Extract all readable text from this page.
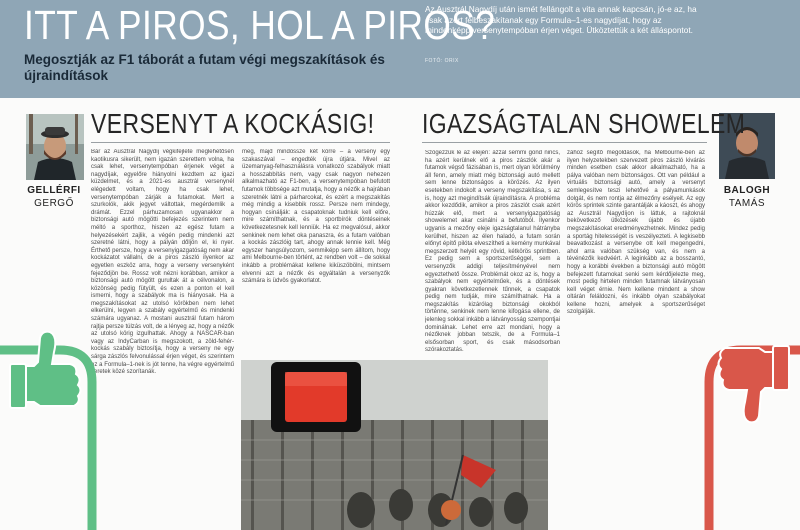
ITT A PIROS, HOL A PIROS?
Megosztják az F1 táborát a futam végi megszakítások és újraindítások
Az Ausztrál Nagydíj után ismét fellángolt a vita annak kapcsán, jó-e az, ha csak azért félbeszakítanak egy Formula–1-es nagydíjat, hogy az mindenképp versenytempóban érjen véget. Ütköztettük a két álláspontot.
FOTÓ: ORIX
GELLÉRFI
GERGŐ
BALOGH
TAMÁS
VERSENYT A KOCKÁSIG! IGAZSÁGTALAN SHOWELEM
Bár az Ausztrál Nagydíj végkifejlete meglehetősen kaotikusra sikerült, nem igazán szerettem volna, ha csak lehet, versenytempóban érjenek véget a nagydíjak, egyelőre hiányolni kezdtem az igazi küzdelmet, és a 2021-es ausztrál versenynél elégedett voltam, hogy ha csak lehet, versenytempóban zárják a futamokat. Mert a szurkolók, akik jegyet váltottak, megérdemlik a drámát. Ezzel párhuzamosan ugyanakkor a biztonsági autó mögötti befejezés szerintem nem méltó a sporthoz, hiszen az egész futam a helyezésekért zajlik, a végén pedig mindenki azt szeretné látni, hogy a pályán dőljön el, ki nyer. Érthető persze, hogy a versenyigazgatóság nem akar kockázatot vállalni, de a piros zászló ilyenkor az egyetlen eszköz arra, hogy a verseny versenyként fejeződjön be. Rossz volt nézni korábban, amikor a biztonsági autó mögött gurultak át a célvonalon, a közönség pedig fütyült, és ezen a ponton el kell ismerni, hogy a szabályok ma is hiányosak. Ha a megszakításokat az utolsó körökben nem lehet elkerülni, legyen a szabály egyértelmű és mindenki számára ugyanaz. A mostani ausztrál futam három rajtja persze túlzás volt, de a lényeg az, hogy a nézők az utolsó körig izgulhattak. Ahogy a NASCAR-ban vagy az IndyCarban is megszokott, a zöld-fehér-kockás szabály biztosítja, hogy a verseny ne egy sárga zászlós felvonulással érjen véget, és szerintem ez a Formula–1-nek is jót tenne, ha végre egyértelmű keretek közé szorítanák.
meg, majd mindössze két körre – a verseny egy szakaszával – engedték újra útjára. Mivel az üzemanyag-felhasználásra vonatkozó szabályok miatt a hosszabbítás nem, vagy csak nagyon nehezen alkalmazható az F1-ben, a versenytempóban befutott futamok többsége azt mutatja, hogy a nézők a hajrában szeretnék látni a párharcokat, és ezért a megszakítás még mindig a kisebbik rossz. Persze nem mindegy, hogyan csinálják: a csapatoknak tudniuk kell előre, mire számíthatnak, és a sportbírók döntéseinek következetesnek kell lenniük. Ha ez megvalósul, akkor senkinek nem lehet oka panaszra, és a futam valóban a kockás zászlóig tart, ahogy annak lennie kell. Még egyszer hangsúlyozom, semmiképp sem állítom, hogy ami Melbourne-ben történt, az rendben volt – de sokkal inkább a problémákat kellene kiküszöbölni, mintsem elvenni azt a nézők és egyáltalán a versenyzők számára is üdvös gyakorlatot.
Szögezzük le az elején: azzal semmi gond nincs, ha azért kerülnek elő a piros zászlók akár a futamok végső fázisában is, mert olyan körülmény áll fenn, amely miatt még biztonsági autó mellett sem lenne biztonságos a körözés. Az ilyen esetekben indokolt a verseny megszakítása, s az is, hogy azt megindítsák újraindításra. A probléma akkor kezdődik, amikor a piros zászlót csak azért húzzák elő, mert a versenyigazgatóság showelemet akar csinálni a befutóból. Ilyenkor ugyanis a mezőny eleje igazságtalanul hátrányba kerülhet, hiszen az élen haladó, a futam során előnyt építő pilóta elveszítheti a kemény munkával megszerzett helyét egy rövid, kétkörös sprintben. Ez pedig sem a sportszerűséggel, sem a versenyzők addigi teljesítményével nem egyeztethető össze. Problémát okoz az is, hogy a szabályok nem egyértelműek, és a döntések gyakran következetlennek tűnnek, a csapatok pedig nem tudják, mire számíthatnak. Ha a megszakítás kizárólag biztonsági okokból történne, senkinek nem lenne kifogása ellene, de jelenleg sokkal inkább a látványosság szempontjai dominálnak. Lehet erre azt mondani, hogy a nézőknek jobban tetszik, de a Formula–1 elsősorban sport, és csak másodsorban szórakoztatás.
zához segítő megoldások, ha Melbourne-ben az ilyen helyzetekben szervezett piros zászló kivárás minden esetben csak akkor alkalmazható, ha a pálya valóban nem biztonságos. Ott van például a virtuális biztonsági autó, amely a versenyt semlegesítve teszi lehetővé a pályamunkások dolgát, és nem rontja az élmezőny esélyeit. Az egy körös sprintek szinte garantálják a káoszt, és ahogy az Ausztrál Nagydíjon is láttuk, a rajtoknál bekövetkező ütközések újabb és újabb megszakításokat eredményezhetnek. Mindez pedig a sportág hitelességét is veszélyezteti. A legkisebb beavatkozást a versenybe ott kell megengedni, ahol arra valóban szükség van, és nem a tévénézők kedvéért. A leginkább az a bosszantó, hogy a korábbi években a biztonsági autó mögött befejezett futamokat senki sem kérdőjelezte meg, most pedig hirtelen minden futamnak látványosan kell véget érnie. Nem kellene mindent a show oltárán feláldozni, és inkább olyan szabályokat kellene hozni, amelyek a sportszerűséget szolgálják.
